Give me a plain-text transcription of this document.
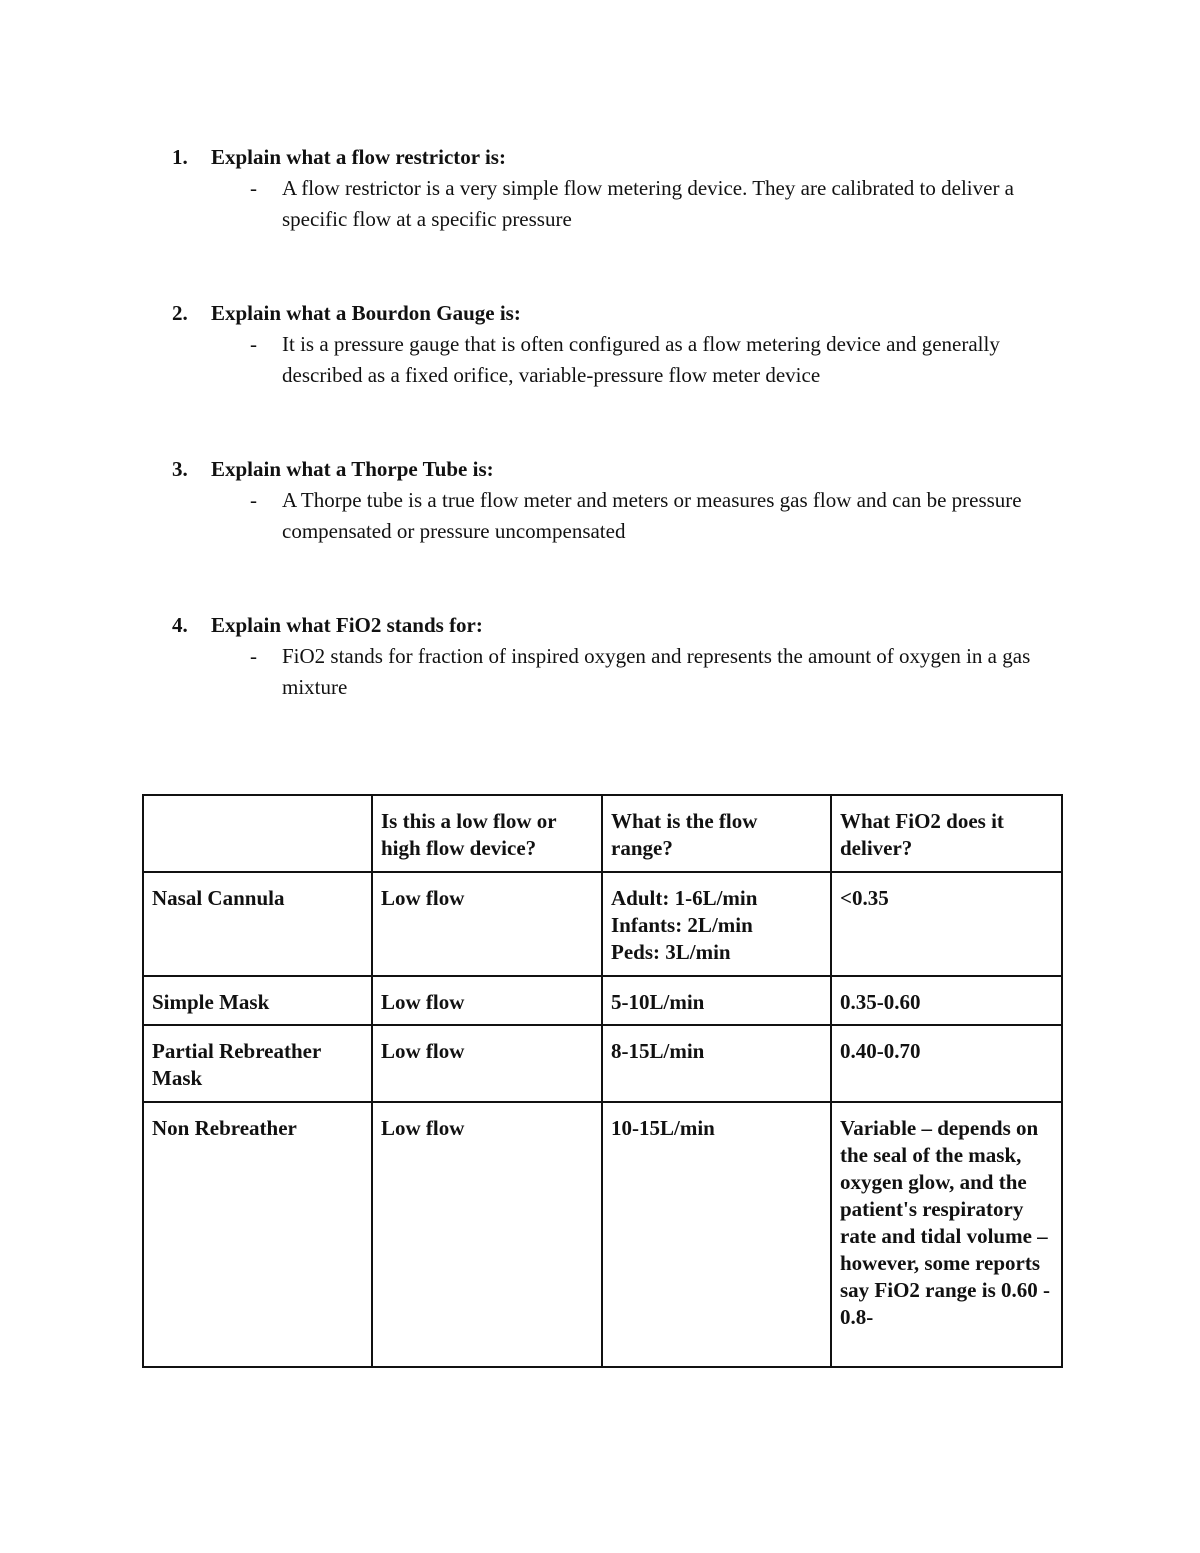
1.	Explain what a flow restrictor is:
-	A flow restrictor is a very simple flow metering device. They are calibrated to deliver a specific flow at a specific pressure
2.	Explain what a Bourdon Gauge is:
-	It is a pressure gauge that is often configured as a flow metering device and generally described as a fixed orifice, variable-pressure flow meter device
3.	Explain what a Thorpe Tube is:
-	A Thorpe tube is a true flow meter and meters or measures gas flow and can be pressure compensated or pressure uncompensated
4.	Explain what FiO2 stands for:
-	FiO2 stands for fraction of inspired oxygen and represents the amount of oxygen in a gas mixture
	Is this a low flow or high flow device?	What is the flow range?	What FiO2 does it deliver?
Nasal Cannula	Low flow	Adult: 1-6L/min
Infants: 2L/min
Peds: 3L/min	<0.35
Simple Mask	Low flow	5-10L/min	0.35-0.60
Partial Rebreather Mask	Low flow	8-15L/min	0.40-0.70
Non Rebreather	Low flow	10-15L/min	Variable – depends on the seal of the mask, oxygen glow, and the patient's respiratory rate and tidal volume – however, some reports say FiO2 range is 0.60 - 0.8-
